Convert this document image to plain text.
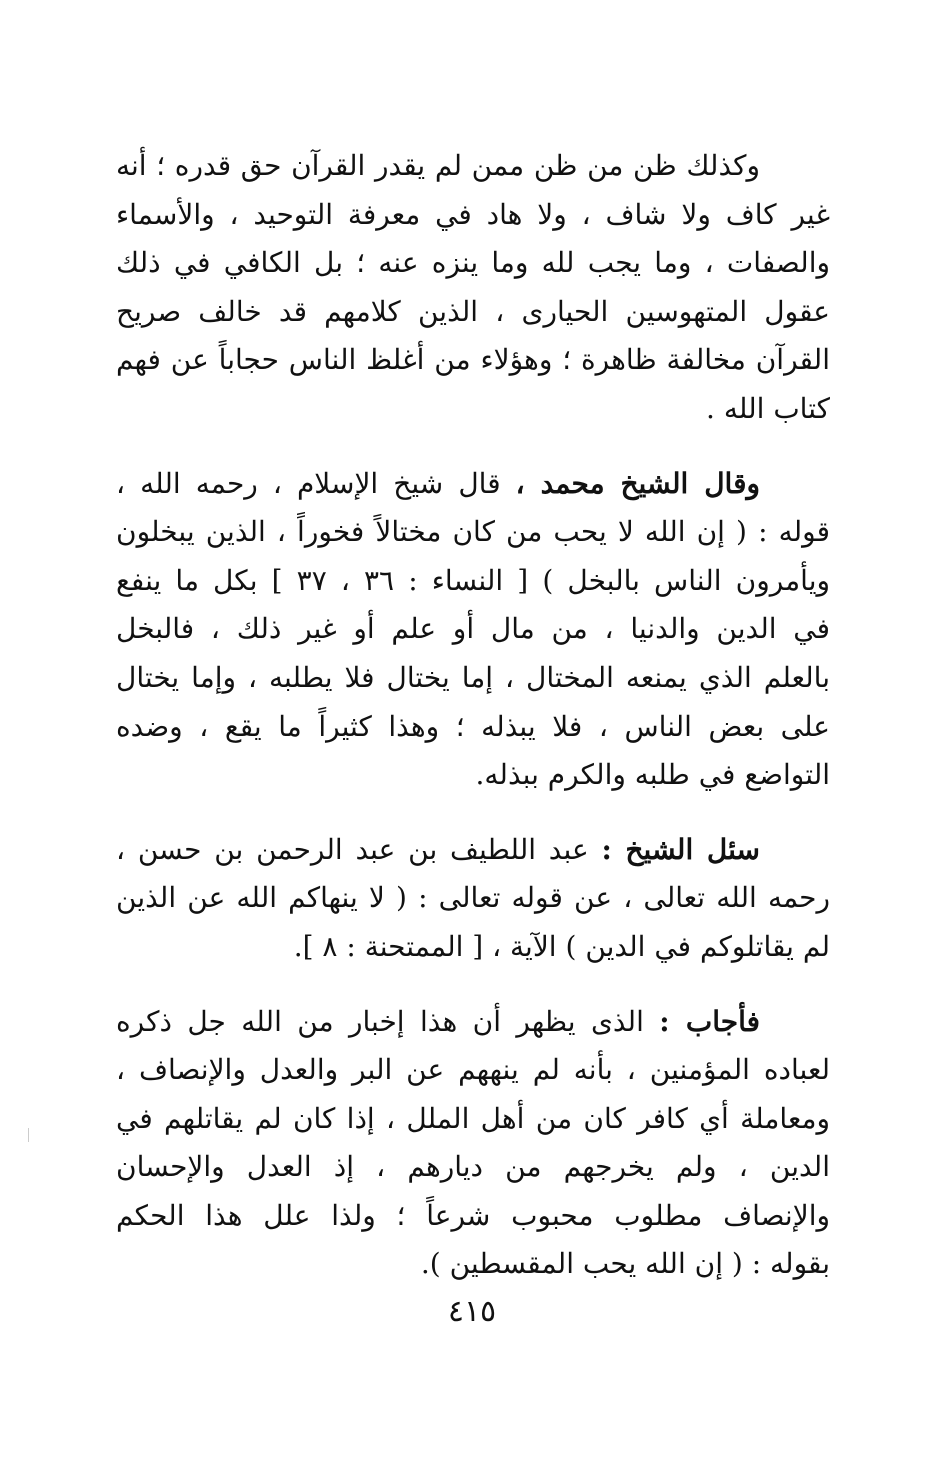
وكذلك ظن من ظن ممن لم يقدر القرآن حق قدره ؛ أنه
غير كاف ولا شاف ، ولا هاد في معرفة التوحيد ، والأسماء
والصفات ، وما يجب لله وما ينزه عنه ؛ بل الكافي في ذلك
عقول المتهوسين الحيارى ، الذين كلامهم قد خالف صريح
القرآن مخالفة ظاهرة ؛ وهؤلاء من أغلظ الناس حجاباً عن فهم
كتاب الله .

وقال الشيخ محمد ، قال شيخ الإسلام ، رحمه الله ،
قوله : ( إن الله لا يحب من كان مختالاً فخوراً ، الذين يبخلون
ويأمرون الناس بالبخل ) [ النساء : ٣٦ ، ٣٧ ] بكل ما ينفع
في الدين والدنيا ، من مال أو علم أو غير ذلك ، فالبخل
بالعلم الذي يمنعه المختال ، إما يختال فلا يطلبه ، وإما يختال
على بعض الناس ، فلا يبذله ؛ وهذا كثيراً ما يقع ، وضده
التواضع في طلبه والكرم ببذله.

سئل الشيخ : عبد اللطيف بن عبد الرحمن بن حسن ،
رحمه الله تعالى ، عن قوله تعالى : ( لا ينهاكم الله عن الذين
لم يقاتلوكم في الدين ) الآية ، [ الممتحنة : ٨ ].

فأجاب : الذى يظهر أن هذا إخبار من الله جل ذكره
لعباده المؤمنين ، بأنه لم ينههم عن البر والعدل والإنصاف ،
ومعاملة أي كافر كان من أهل الملل ، إذا كان لم يقاتلهم في
الدين ، ولم يخرجهم من ديارهم ، إذ العدل والإحسان
والإنصاف مطلوب محبوب شرعاً ؛ ولذا علل هذا الحكم
بقوله : ( إن الله يحب المقسطين ).

٤١٥
